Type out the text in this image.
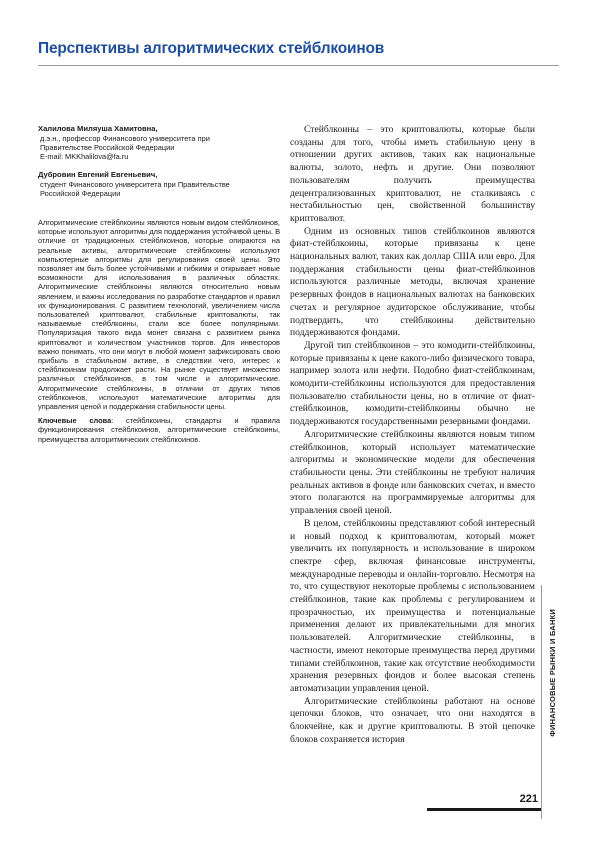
Перспективы алгоритмических стейблкоинов
Халилова Миляуша Хамитовна,
д.э.н., профессор Финансового университета при
Правительстве Российской Федерации
E-mail: MKKhalilova@fa.ru
Дубровин Евгений Евгеньевич,
студент Финансового университета при Правительстве
Российской Федерации
Алгоритмические стейблкоины являются новым видом стейблкоинов, которые используют алгоритмы для поддержания устойчивой цены. В отличие от традиционных стейблкоинов, которые опираются на реальные активы, алгоритмические стейблкоины используют компьютерные алгоритмы для регулирования своей цены. Это позволяет им быть более устойчивыми и гибкими и открывает новые возможности для использования в различных областях. Алгоритмические стейблкоины являются относительно новым явлением, и важны исследования по разработке стандартов и правил их функционирования. С развитием технологий, увеличением числа пользователей криптовалют, стабильные криптовалюты, так называемые стейблкоины, стали все более популярными. Популяризация такого вида монет связана с развитием рынка криптовалют и количеством участников торгов. Для инвесторов важно понимать, что они могут в любой момент зафиксировать свою прибыль в стабильном активе, в следствии чего, интерес к стейблкоинам продолжает расти. На рынке существует множество различных стейблкоинов, в том числе и алгоритмические. Алгоритмические стейблкоины, в отличии от других типов стейблкоинов, используют математические алгоритмы для управления ценой и поддержания стабильности цены.
Ключевые слова: стейблкоины, стандарты и правила функционирования стейблкоинов, алгоритмические стейблкоины, преимущества алгоритмических стейблкоинов.

Стейблкоины – это криптовалюты, которые были созданы для того, чтобы иметь стабильную цену в отношении других активов, таких как национальные валюты, золото, нефть и другие. Они позволяют пользователям получить преимущества децентрализованных криптовалют, не сталкиваясь с нестабильностью цен, свойственной большинству криптовалют.

Одним из основных типов стейблкоинов являются фиат-стейблкоины, которые привязаны к цене национальных валют, таких как доллар США или евро. Для поддержания стабильности цены фиат-стейблкоинов используются различные методы, включая хранение резервных фондов в национальных валютах на банковских счетах и регулярное аудиторское обслуживание, чтобы подтвердить, что стейблкоины действительно поддерживаются фондами.

Другой тип стейблкоинов – это комодити-стейблкоины, которые привязаны к цене какого-либо физического товара, например золота или нефти. Подобно фиат-стейблкоинам, комодити-стейблкоины используются для предоставления пользователю стабильности цены, но в отличие от фиат-стейблкоинов, комодити-стейблкоины обычно не поддерживаются государственными резервными фондами.

Алгоритмические стейблкоины являются новым типом стейблкоинов, который использует математические алгоритмы и экономические модели для обеспечения стабильности цены. Эти стейблкоины не требуют наличия реальных активов в фонде или банковских счетах, и вместо этого полагаются на программируемые алгоритмы для управления своей ценой.

В целом, стейблкоины представляют собой интересный и новый подход к криптовалютам, который может увеличить их популярность и использование в широком спектре сфер, включая финансовые инструменты, международные переводы и онлайн-торговлю. Несмотря на то, что существуют некоторые проблемы с использованием стейблкоинов, такие как проблемы с регулированием и прозрачностью, их преимущества и потенциальные применения делают их привлекательными для многих пользователей. Алгоритмические стейблкоины, в частности, имеют некоторые преимущества перед другими типами стейблкоинов, такие как отсутствие необходимости хранения резервных фондов и более высокая степень автоматизации управления ценой.

Алгоритмические стейблкоины работают на основе цепочки блоков, что означает, что они находятся в блокчейне, как и другие криптовалюты. В этой цепочке блоков сохраняется история

ФИНАНСОВЫЕ РЫНКИ И БАНКИ
221
